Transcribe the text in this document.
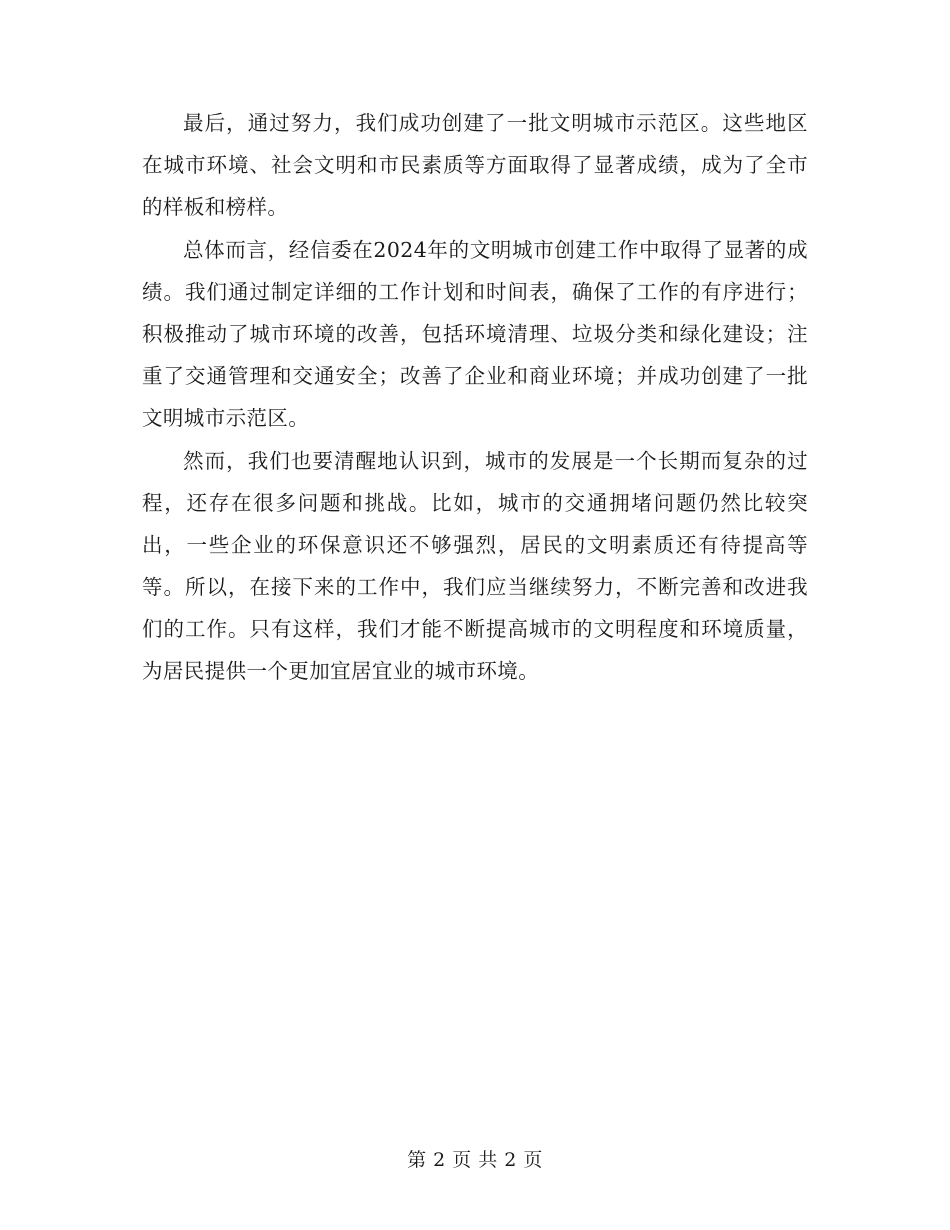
最后，通过努力，我们成功创建了一批文明城市示范区。这些地区在城市环境、社会文明和市民素质等方面取得了显著成绩，成为了全市的样板和榜样。

总体而言，经信委在2024年的文明城市创建工作中取得了显著的成绩。我们通过制定详细的工作计划和时间表，确保了工作的有序进行；积极推动了城市环境的改善，包括环境清理、垃圾分类和绿化建设；注重了交通管理和交通安全；改善了企业和商业环境；并成功创建了一批文明城市示范区。

然而，我们也要清醒地认识到，城市的发展是一个长期而复杂的过程，还存在很多问题和挑战。比如，城市的交通拥堵问题仍然比较突出，一些企业的环保意识还不够强烈，居民的文明素质还有待提高等等。所以，在接下来的工作中，我们应当继续努力，不断完善和改进我们的工作。只有这样，我们才能不断提高城市的文明程度和环境质量，为居民提供一个更加宜居宜业的城市环境。

第 2 页 共 2 页
